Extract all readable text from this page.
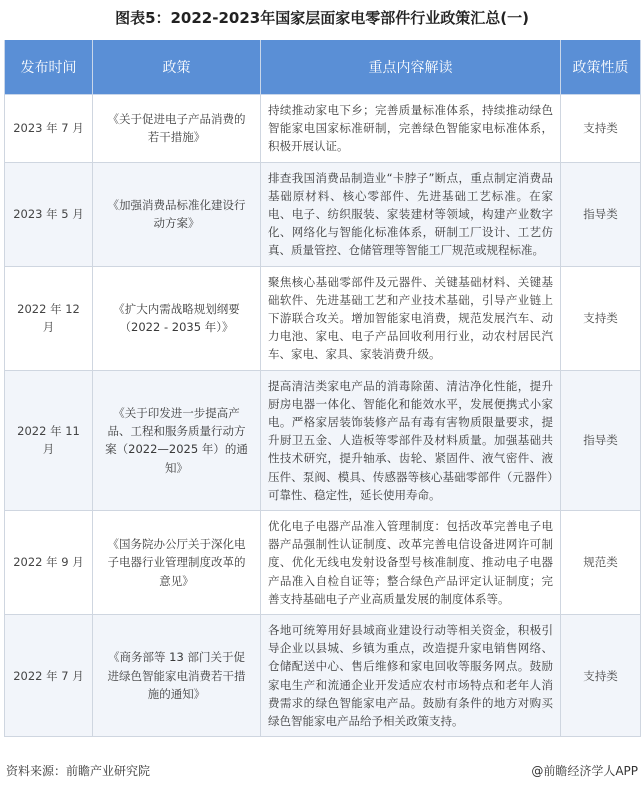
图表5：2022-2023年国家层面家电零部件行业政策汇总(一)
发布时间	政策	重点内容解读	政策性质
2023 年 7 月	《关于促进电子产品消费的若干措施》	持续推动家电下乡；完善质量标准体系，持续推动绿色智能家电国家标准研制，完善绿色智能家电标准体系，积极开展认证。	支持类
2023 年 5 月	《加强消费品标准化建设行动方案》	排查我国消费品制造业“卡脖子”断点，重点制定消费品基础原材料、核心零部件、先进基础工艺标准。在家电、电子、纺织服装、家装建材等领域，构建产业数字化、网络化与智能化标准体系，研制工厂设计、工艺仿真、质量管控、仓储管理等智能工厂规范或规程标准。	指导类
2022 年 12 月	《扩大内需战略规划纲要（2022 - 2035 年）》	聚焦核心基础零部件及元器件、关键基础材料、关键基础软件、先进基础工艺和产业技术基础，引导产业链上下游联合攻关。增加智能家电消费，规范发展汽车、动力电池、家电、电子产品回收利用行业，动农村居民汽车、家电、家具、家装消费升级。	支持类
2022 年 11 月	《关于印发进一步提高产品、工程和服务质量行动方案（2022—2025 年）的通知》	提高清洁类家电产品的消毒除菌、清洁净化性能，提升厨房电器一体化、智能化和能效水平，发展便携式小家电。严格家居装饰装修产品有毒有害物质限量要求，提升厨卫五金、人造板等零部件及材料质量。加强基础共性技术研究，提升轴承、齿轮、紧固件、液气密件、液压件、泵阀、模具、传感器等核心基础零部件（元器件）可靠性、稳定性，延长使用寿命。	指导类
2022 年 9 月	《国务院办公厅关于深化电子电器行业管理制度改革的意见》	优化电子电器产品准入管理制度：包括改革完善电子电器产品强制性认证制度、改革完善电信设备进网许可制度、优化无线电发射设备型号核准制度、推动电子电器产品准入自检自证等；整合绿色产品评定认证制度；完善支持基础电子产业高质量发展的制度体系等。	规范类
2022 年 7 月	《商务部等 13 部门关于促进绿色智能家电消费若干措施的通知》	各地可统筹用好县域商业建设行动等相关资金，积极引导企业以县城、乡镇为重点，改造提升家电销售网络、仓储配送中心、售后维修和家电回收等服务网点。鼓励家电生产和流通企业开发适应农村市场特点和老年人消费需求的绿色智能家电产品。鼓励有条件的地方对购买绿色智能家电产品给予相关政策支持。	支持类
资料来源：前瞻产业研究院	@前瞻经济学人APP
